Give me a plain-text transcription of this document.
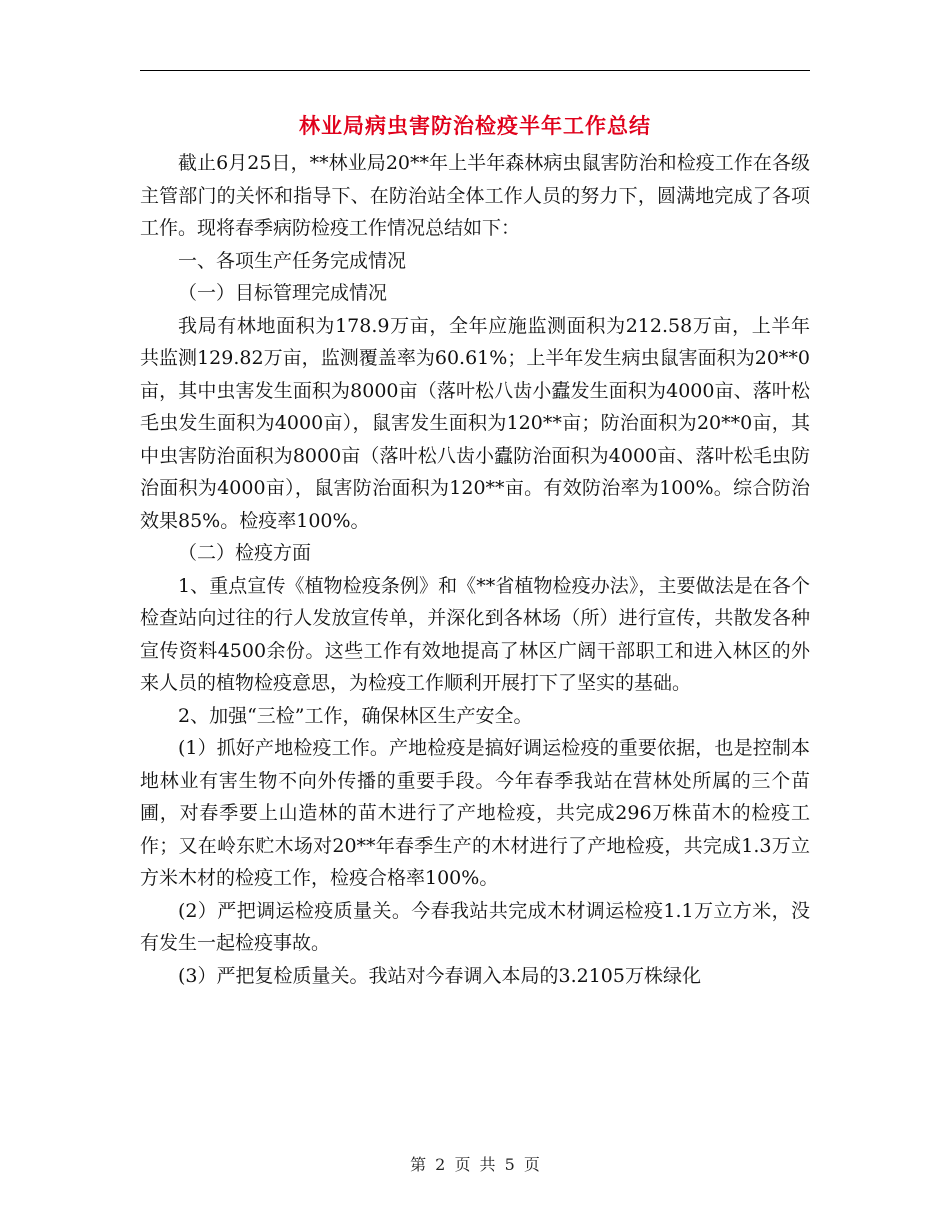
林业局病虫害防治检疫半年工作总结

截止6月25日，**林业局20**年上半年森林病虫鼠害防治和检疫工作在各级主管部门的关怀和指导下、在防治站全体工作人员的努力下，圆满地完成了各项工作。现将春季病防检疫工作情况总结如下：

一、各项生产任务完成情况

（一）目标管理完成情况

我局有林地面积为178.9万亩，全年应施监测面积为212.58万亩，上半年共监测129.82万亩，监测覆盖率为60.61%；上半年发生病虫鼠害面积为20**0亩，其中虫害发生面积为8000亩（落叶松八齿小蠹发生面积为4000亩、落叶松毛虫发生面积为4000亩），鼠害发生面积为120**亩；防治面积为20**0亩，其中虫害防治面积为8000亩（落叶松八齿小蠹防治面积为4000亩、落叶松毛虫防治面积为4000亩），鼠害防治面积为120**亩。有效防治率为100%。综合防治效果85%。检疫率100%。

（二）检疫方面

1、重点宣传《植物检疫条例》和《**省植物检疫办法》，主要做法是在各个检查站向过往的行人发放宣传单，并深化到各林场（所）进行宣传，共散发各种宣传资料4500余份。这些工作有效地提高了林区广阔干部职工和进入林区的外来人员的植物检疫意思，为检疫工作顺利开展打下了坚实的基础。

2、加强“三检”工作，确保林区生产安全。

(1）抓好产地检疫工作。产地检疫是搞好调运检疫的重要依据，也是控制本地林业有害生物不向外传播的重要手段。今年春季我站在营林处所属的三个苗圃，对春季要上山造林的苗木进行了产地检疫，共完成296万株苗木的检疫工作；又在岭东贮木场对20**年春季生产的木材进行了产地检疫，共完成1.3万立方米木材的检疫工作，检疫合格率100%。

(2）严把调运检疫质量关。今春我站共完成木材调运检疫1.1万立方米，没有发生一起检疫事故。

(3）严把复检质量关。我站对今春调入本局的3.2105万株绿化

第 2 页 共 5 页
